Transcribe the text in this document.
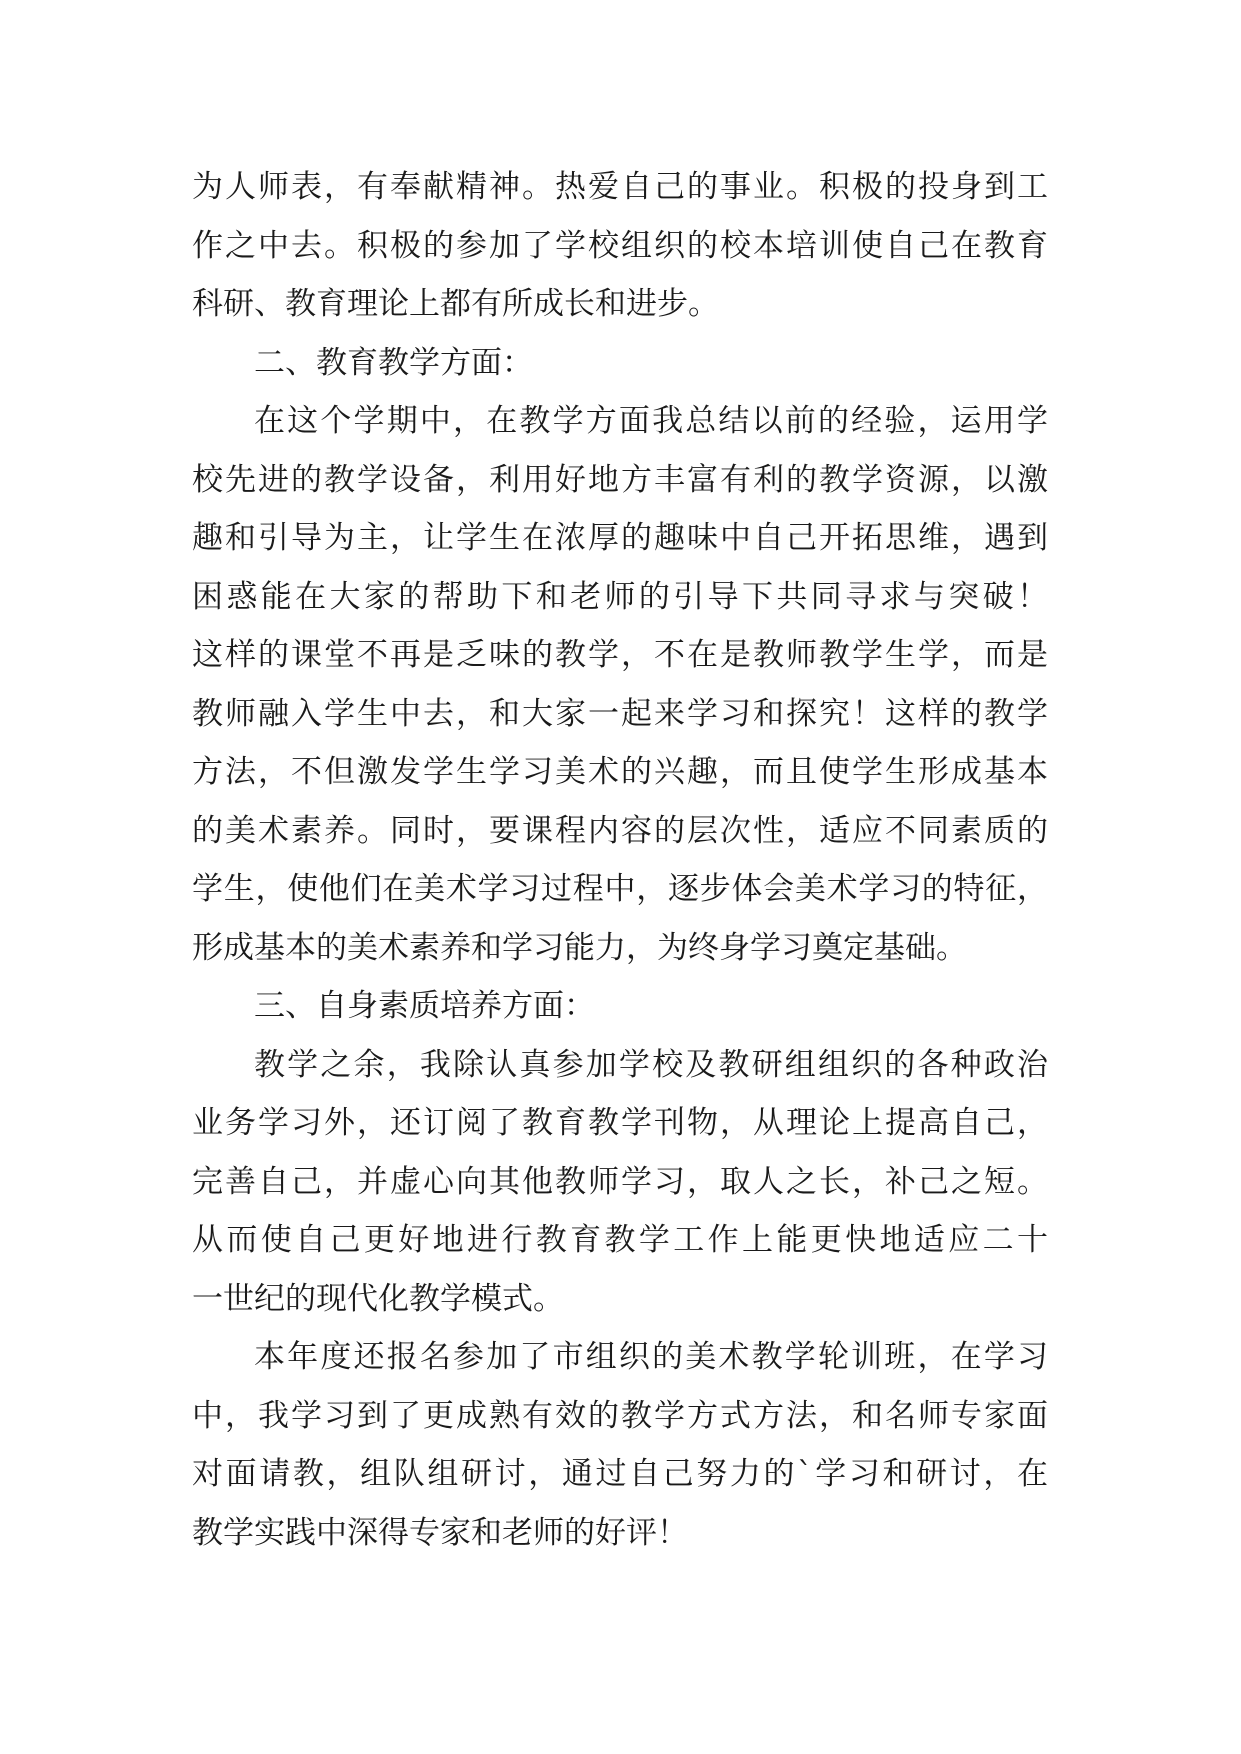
为人师表，有奉献精神。热爱自己的事业。积极的投身到工
作之中去。积极的参加了学校组织的校本培训使自己在教育
科研、教育理论上都有所成长和进步。
二、教育教学方面：
在这个学期中，在教学方面我总结以前的经验，运用学
校先进的教学设备，利用好地方丰富有利的教学资源，以激
趣和引导为主，让学生在浓厚的趣味中自己开拓思维，遇到
困惑能在大家的帮助下和老师的引导下共同寻求与突破！
这样的课堂不再是乏味的教学，不在是教师教学生学，而是
教师融入学生中去，和大家一起来学习和探究！这样的教学
方法，不但激发学生学习美术的兴趣，而且使学生形成基本
的美术素养。同时，要课程内容的层次性，适应不同素质的
学生，使他们在美术学习过程中，逐步体会美术学习的特征，
形成基本的美术素养和学习能力，为终身学习奠定基础。
三、自身素质培养方面：
教学之余，我除认真参加学校及教研组组织的各种政治
业务学习外，还订阅了教育教学刊物，从理论上提高自己，
完善自己，并虚心向其他教师学习，取人之长，补己之短。
从而使自己更好地进行教育教学工作上能更快地适应二十
一世纪的现代化教学模式。
本年度还报名参加了市组织的美术教学轮训班，在学习
中，我学习到了更成熟有效的教学方式方法，和名师专家面
对面请教，组队组研讨，通过自己努力的`学习和研讨，在
教学实践中深得专家和老师的好评！
